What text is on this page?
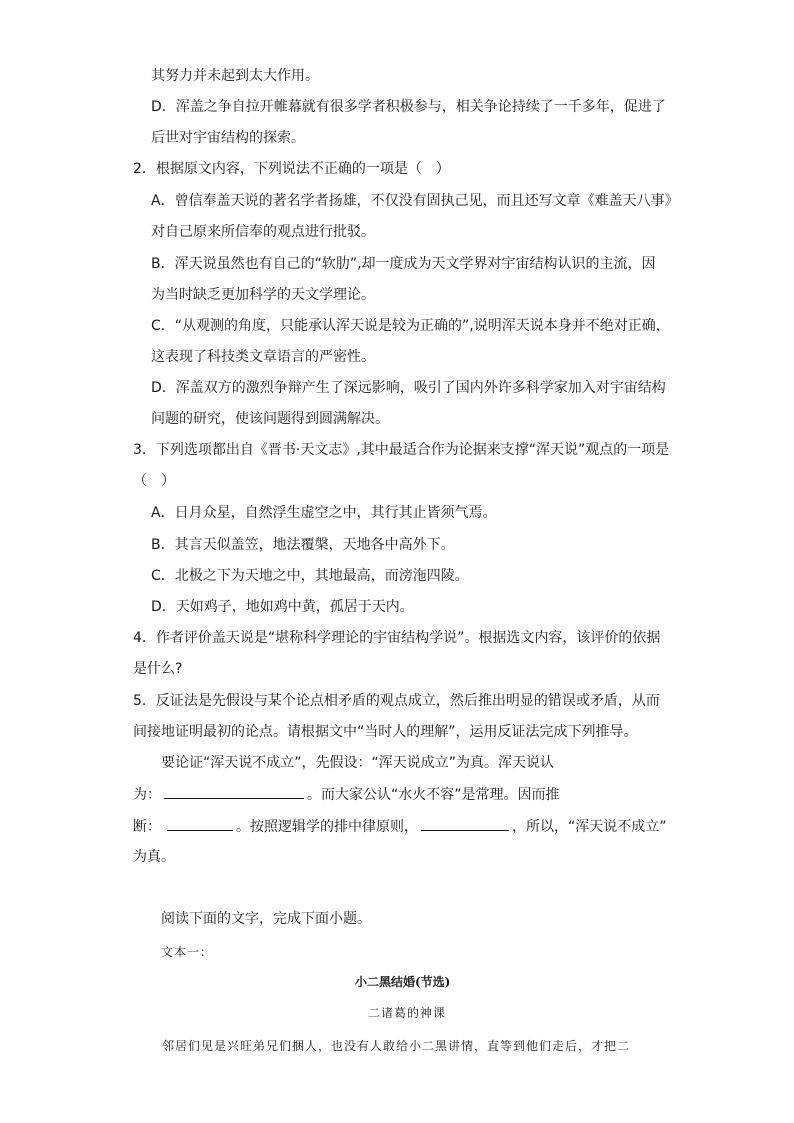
其努力并未起到太大作用。
D．浑盖之争自拉开帷幕就有很多学者积极参与，相关争论持续了一千多年，促进了
后世对宇宙结构的探索。
2．根据原文内容，下列说法不正确的一项是（　）
A．曾信奉盖天说的著名学者扬雄，不仅没有固执己见，而且还写文章《难盖天八事》
对自己原来所信奉的观点进行批驳。
B．浑天说虽然也有自己的“软肋”,却一度成为天文学界对宇宙结构认识的主流，因
为当时缺乏更加科学的天文学理论。
C．“从观测的角度，只能承认浑天说是较为正确的”,说明浑天说本身并不绝对正确，
这表现了科技类文章语言的严密性。
D．浑盖双方的激烈争辩产生了深远影响，吸引了国内外许多科学家加入对宇宙结构
问题的研究，使该问题得到圆满解决。
3．下列选项都出自《晋书·天文志》,其中最适合作为论据来支撑“浑天说”观点的一项是
（　）
A．日月众星，自然浮生虚空之中，其行其止皆须气焉。
B．其言天似盖笠，地法覆槃，天地各中高外下。
C．北极之下为天地之中，其地最高，而滂沲四陵。
D．天如鸡子，地如鸡中黄，孤居于天内。
4．作者评价盖天说是“堪称科学理论的宇宙结构学说”。根据选文内容，该评价的依据
是什么?
5．反证法是先假设与某个论点相矛盾的观点成立，然后推出明显的错误或矛盾，从而
间接地证明最初的论点。请根据文中“当时人的理解”，运用反证法完成下列推导。
要论证“浑天说不成立”，先假设：“浑天说成立”为真。浑天说认
为：	。而大家公认“水火不容”是常理。因而推
断：	。按照逻辑学的排中律原则，	，所以，“浑天说不成立”
为真。
阅读下面的文字，完成下面小题。
文本一：
小二黑结婚(节选)
二诸葛的神课
邻居们见是兴旺弟兄们捆人，也没有人敢给小二黑讲情，直等到他们走后，才把二
